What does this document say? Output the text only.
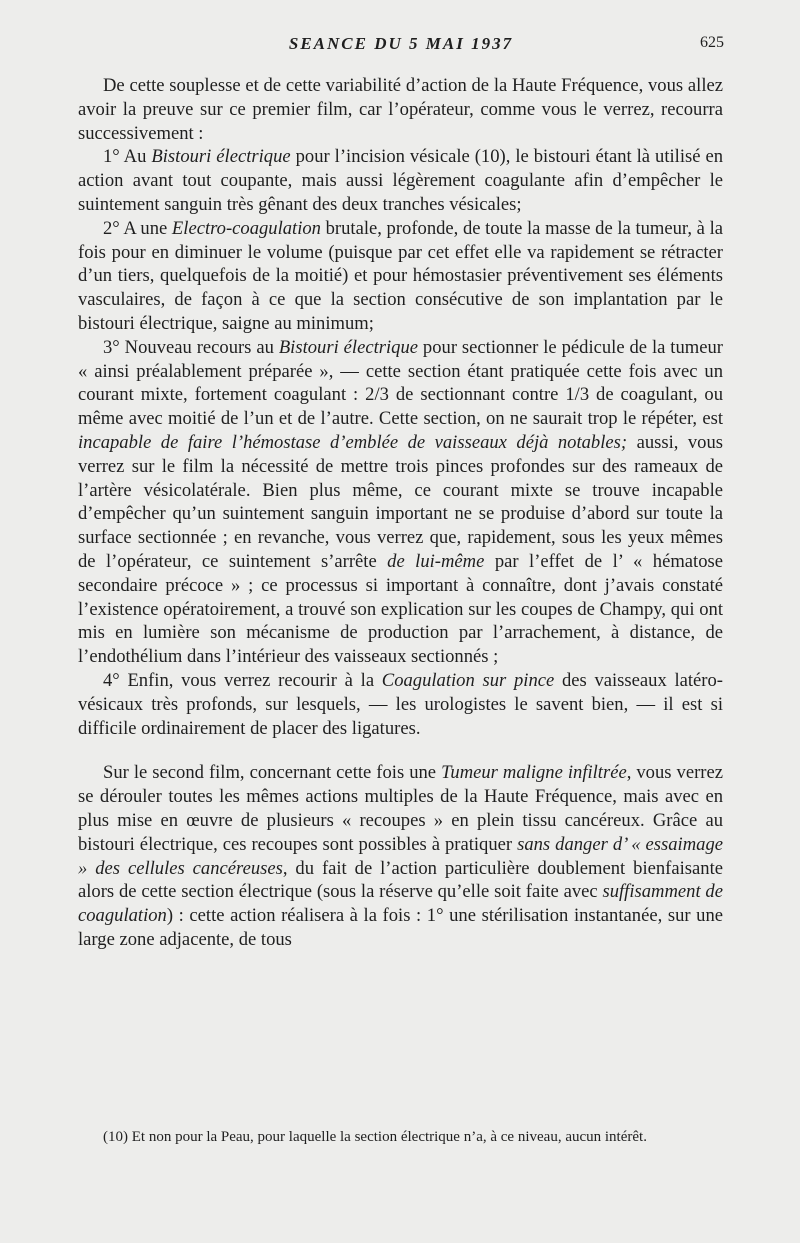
SEANCE DU 5 MAI 1937	625

De cette souplesse et de cette variabilité d’action de la Haute Fréquence, vous allez avoir la preuve sur ce premier film, car l’opérateur, comme vous le verrez, recourra successivement :

1° Au Bistouri électrique pour l’incision vésicale (10), le bistouri étant là utilisé en action avant tout coupante, mais aussi légèrement coagulante afin d’empêcher le suintement sanguin très gênant des deux tranches vésicales;

2° A une Electro-coagulation brutale, profonde, de toute la masse de la tumeur, à la fois pour en diminuer le volume (puisque par cet effet elle va rapidement se rétracter d’un tiers, quelquefois de la moitié) et pour hémostasier préventivement ses éléments vasculaires, de façon à ce que la section consécutive de son implantation par le bistouri électrique, saigne au minimum;

3° Nouveau recours au Bistouri électrique pour sectionner le pédicule de la tumeur « ainsi préalablement préparée », — cette section étant pratiquée cette fois avec un courant mixte, fortement coagulant : 2/3 de sectionnant contre 1/3 de coagulant, ou même avec moitié de l’un et de l’autre. Cette section, on ne saurait trop le répéter, est incapable de faire l’hémostase d’emblée de vaisseaux déjà notables; aussi, vous verrez sur le film la nécessité de mettre trois pinces profondes sur des rameaux de l’artère vésicolatérale. Bien plus même, ce courant mixte se trouve incapable d’empêcher qu’un suintement sanguin important ne se produise d’abord sur toute la surface sectionnée ; en revanche, vous verrez que, rapidement, sous les yeux mêmes de l’opérateur, ce suintement s’arrête de lui-même par l’effet de l’ « hématose secondaire précoce » ; ce processus si important à connaître, dont j’avais constaté l’existence opératoirement, a trouvé son explication sur les coupes de Champy, qui ont mis en lumière son mécanisme de production par l’arrachement, à distance, de l’endothélium dans l’intérieur des vaisseaux sectionnés ;

4° Enfin, vous verrez recourir à la Coagulation sur pince des vaisseaux latéro-vésicaux très profonds, sur lesquels, — les urologistes le savent bien, — il est si difficile ordinairement de placer des ligatures.

Sur le second film, concernant cette fois une Tumeur maligne infiltrée, vous verrez se dérouler toutes les mêmes actions multiples de la Haute Fréquence, mais avec en plus mise en œuvre de plusieurs « recoupes » en plein tissu cancéreux. Grâce au bistouri électrique, ces recoupes sont possibles à pratiquer sans danger d’ « essaimage » des cellules cancéreuses, du fait de l’action particulière doublement bienfaisante alors de cette section électrique (sous la réserve qu’elle soit faite avec suffisamment de coagulation) : cette action réalisera à la fois : 1° une stérilisation instantanée, sur une large zone adjacente, de tous

(10) Et non pour la Peau, pour laquelle la section électrique n’a, à ce niveau, aucun intérêt.
